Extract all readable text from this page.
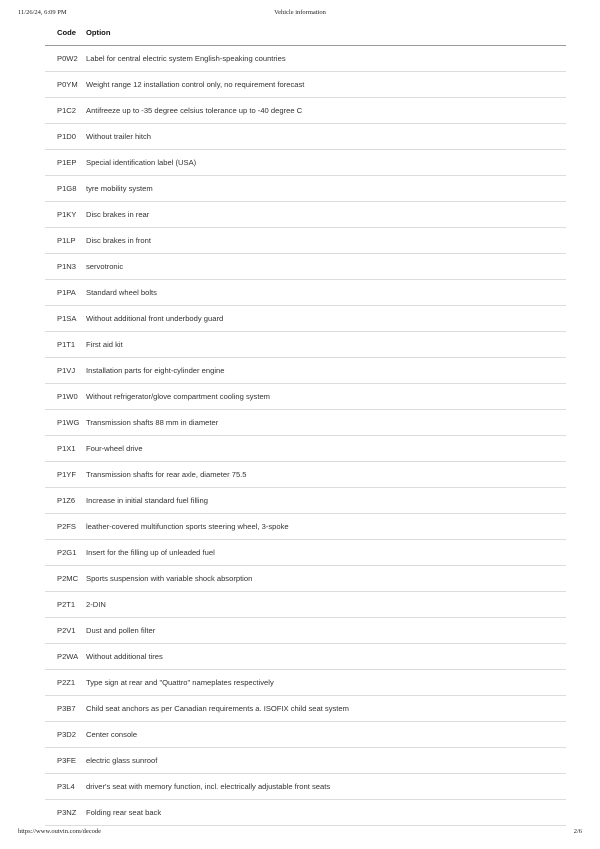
11/26/24, 6:09 PM	Vehicle information
Code	Option
P0W2	Label for central electric system English-speaking countries
P0YM	Weight range 12 installation control only, no requirement forecast
P1C2	Antifreeze up to -35 degree celsius tolerance up to -40 degree C
P1D0	Without trailer hitch
P1EP	Special identification label (USA)
P1G8	tyre mobility system
P1KY	Disc brakes in rear
P1LP	Disc brakes in front
P1N3	servotronic
P1PA	Standard wheel bolts
P1SA	Without additional front underbody guard
P1T1	First aid kit
P1VJ	Installation parts for eight-cylinder engine
P1W0	Without refrigerator/glove compartment cooling system
P1WG	Transmission shafts 88 mm in diameter
P1X1	Four-wheel drive
P1YF	Transmission shafts for rear axle, diameter 75.5
P1Z6	Increase in initial standard fuel filling
P2FS	leather-covered multifunction sports steering wheel, 3-spoke
P2G1	Insert for the filling up of unleaded fuel
P2MC	Sports suspension with variable shock absorption
P2T1	2-DIN
P2V1	Dust and pollen filter
P2WA	Without additional tires
P2Z1	Type sign at rear and "Quattro" nameplates respectively
P3B7	Child seat anchors as per Canadian requirements a. ISOFIX child seat system
P3D2	Center console
P3FE	electric glass sunroof
P3L4	driver's seat with memory function, incl. electrically adjustable front seats
P3NZ	Folding rear seat back
https://www.outvin.com/decode	2/6
